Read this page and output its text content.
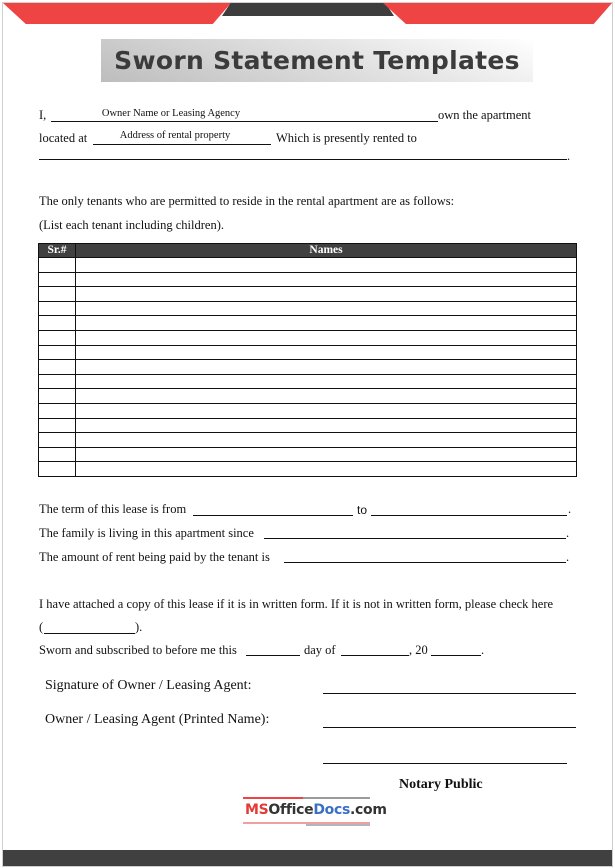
Sworn Statement Templates
I,	Owner Name or Leasing Agency	own the apartment
located at	Address of rental property	Which is presently rented to
.
The only tenants who are permitted to reside in the rental apartment are as follows:
(List each tenant including children).
Sr.#	Names

The term of this lease is from	to	.
The family is living in this apartment since	.
The amount of rent being paid by the tenant is	.
I have attached a copy of this lease if it is in written form. If it is not in written form, please check here
(	).
Sworn and subscribed to before me this	day of	, 20	.
Signature of Owner / Leasing Agent:
Owner / Leasing Agent (Printed Name):
Notary Public
MSOfficeDocs.com
